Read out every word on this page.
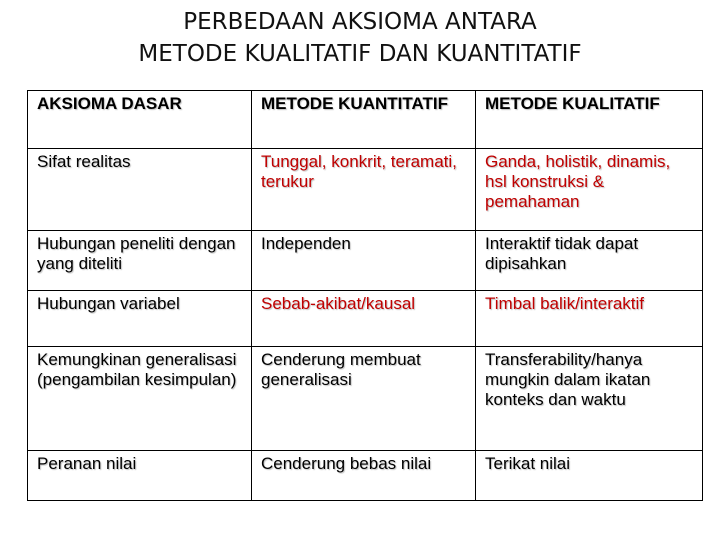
PERBEDAAN AKSIOMA ANTARA
METODE KUALITATIF DAN KUANTITATIF
AKSIOMA DASAR	METODE KUANTITATIF	METODE KUALITATIF
Sifat realitas	Tunggal, konkrit, teramati, terukur	Ganda, holistik, dinamis, hsl konstruksi & pemahaman
Hubungan peneliti dengan yang diteliti	Independen	Interaktif tidak dapat dipisahkan
Hubungan variabel	Sebab-akibat/kausal	Timbal balik/interaktif
Kemungkinan generalisasi (pengambilan kesimpulan)	Cenderung membuat generalisasi	Transferability/hanya mungkin dalam ikatan konteks dan waktu
Peranan nilai	Cenderung bebas nilai	Terikat nilai
